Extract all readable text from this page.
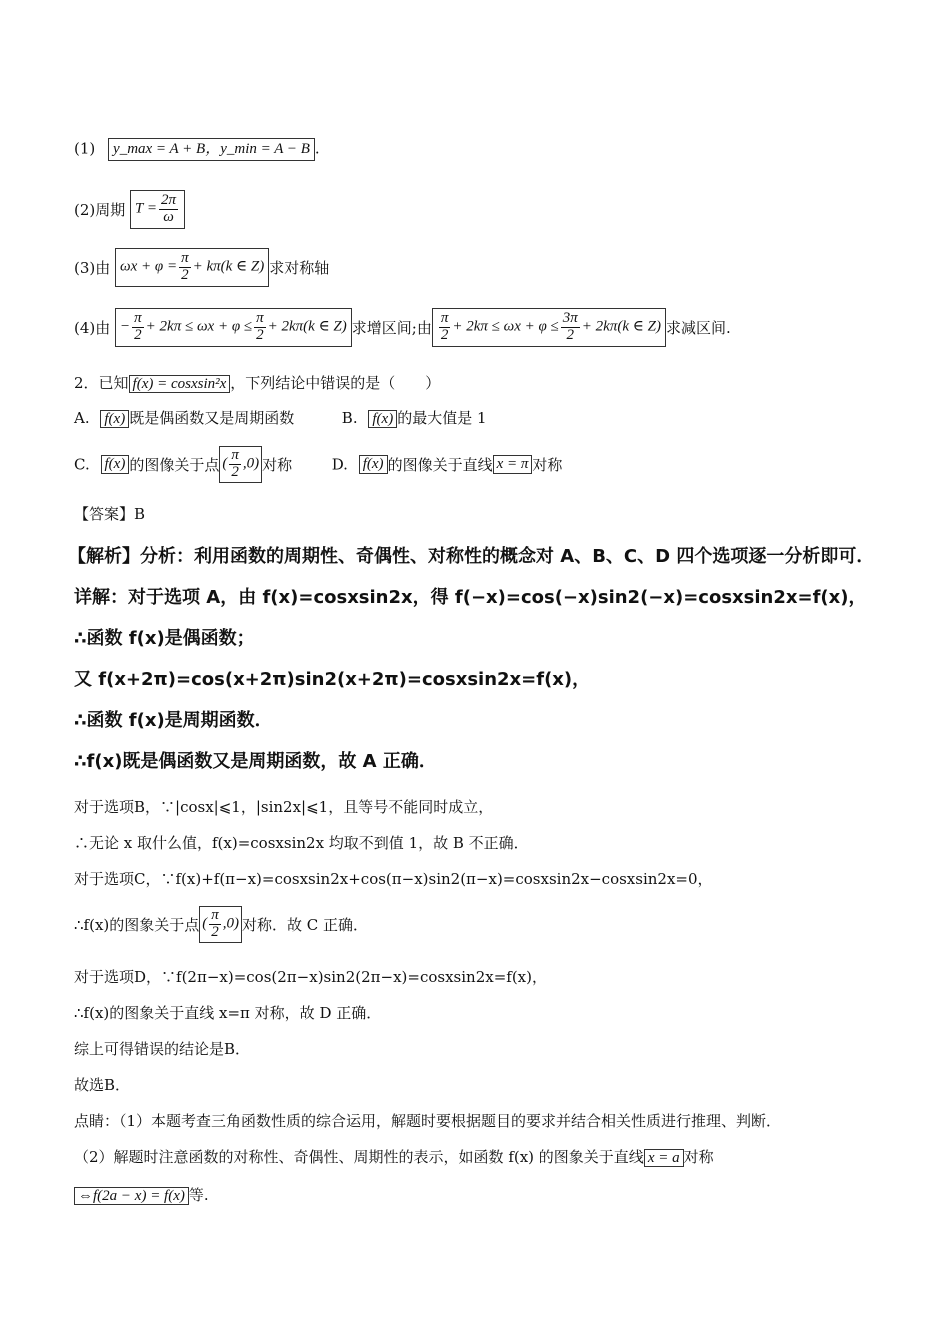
(1) y_max = A + B，y_min = A − B .
(2)周期 $T = \frac{2\pi}{\omega}$
(3)由 $\omega x + \varphi = \frac{\pi}{2} + k\pi(k$ ∈ Z)求对称轴
(4)由 − $\frac{\pi}{2} + 2k\pi \le \omega x + \varphi \le \frac{\pi}{2} + 2k\pi(k$ ∈ Z)求增区间;由 $\frac{\pi}{2} + 2k\pi \le \omega x + \varphi \le \frac{3\pi}{2} + 2k\pi(k$ ∈ Z)求减区间.
2．已知 f(x) = cosxsin²x ，下列结论中错误的是（　　）
A. f(x) 既是偶函数又是周期函数	B. f(x) 的最大值是 1
C. f(x) 的图像关于点 ( $\frac{\pi}{2} ,0$) 对称	D. f(x) 的图像关于直线 x = π 对称
【答案】B
【解析】分析：利用函数的周期性、奇偶性、对称性的概念对 A、B、C、D 四个选项逐一分析即可．
详解：对于选项 A，由 f(x)=cosxsin2x，得 f(−x)=cos(−x)sin2(−x)=cosxsin2x=f(x)，
∴函数 f(x)是偶函数；
又 f(x+2π)=cos(x+2π)sin2(x+2π)=cosxsin2x=f(x)，
∴函数 f(x)是周期函数．
∴f(x)既是偶函数又是周期函数，故 A 正确．
对于选项B，∵|cosx|⩽1，|sin2x|⩽1，且等号不能同时成立，
∴无论 x 取什么值，f(x)=cosxsin2x 均取不到值 1，故 B 不正确．
对于选项C，∵f(x)+f(π−x)=cosxsin2x+cos(π−x)sin2(π−x)=cosxsin2x−cosxsin2x=0，
∴f(x)的图象关于点 ( $\frac{\pi}{2} ,0$) 对称．故 C 正确．
对于选项D，∵f(2π−x)=cos(2π−x)sin2(2π−x)=cosxsin2x=f(x)，
∴f(x)的图象关于直线 x=π 对称，故 D 正确．
综上可得错误的结论是B．
故选B．
点睛：（1）本题考查三角函数性质的综合运用，解题时要根据题目的要求并结合相关性质进行推理、判断．
（2）解题时注意函数的对称性、奇偶性、周期性的表示，如函数 f(x) 的图象关于直线 x = a 对称
⇔f(2a − x) = f(x) 等.
